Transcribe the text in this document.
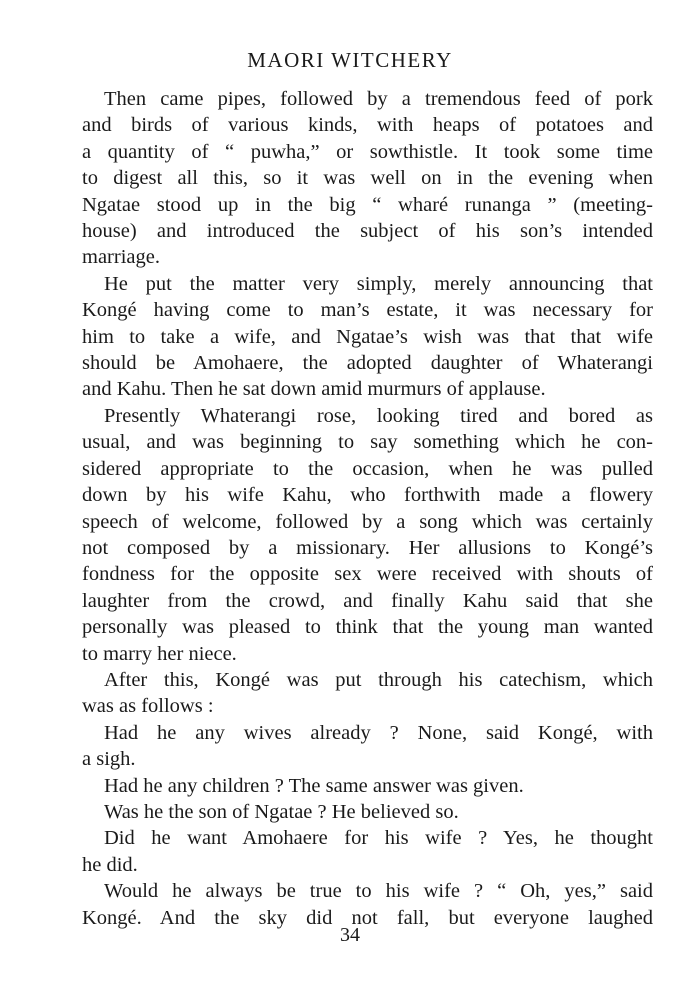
MAORI WITCHERY
Then came pipes, followed by a tremendous feed of pork
and birds of various kinds, with heaps of potatoes and
a quantity of “ puwha,” or sowthistle. It took some time
to digest all this, so it was well on in the evening when
Ngatae stood up in the big “ wharé runanga ” (meeting-
house) and introduced the subject of his son’s intended
marriage.
He put the matter very simply, merely announcing that
Kongé having come to man’s estate, it was necessary for
him to take a wife, and Ngatae’s wish was that that wife
should be Amohaere, the adopted daughter of Whaterangi
and Kahu. Then he sat down amid murmurs of applause.
Presently Whaterangi rose, looking tired and bored as
usual, and was beginning to say something which he con-
sidered appropriate to the occasion, when he was pulled
down by his wife Kahu, who forthwith made a flowery
speech of welcome, followed by a song which was certainly
not composed by a missionary. Her allusions to Kongé’s
fondness for the opposite sex were received with shouts of
laughter from the crowd, and finally Kahu said that she
personally was pleased to think that the young man wanted
to marry her niece.
After this, Kongé was put through his catechism, which
was as follows :
Had he any wives already ? None, said Kongé, with
a sigh.
Had he any children ? The same answer was given.
Was he the son of Ngatae ? He believed so.
Did he want Amohaere for his wife ? Yes, he thought
he did.
Would he always be true to his wife ? “ Oh, yes,” said
Kongé. And the sky did not fall, but everyone laughed

34
